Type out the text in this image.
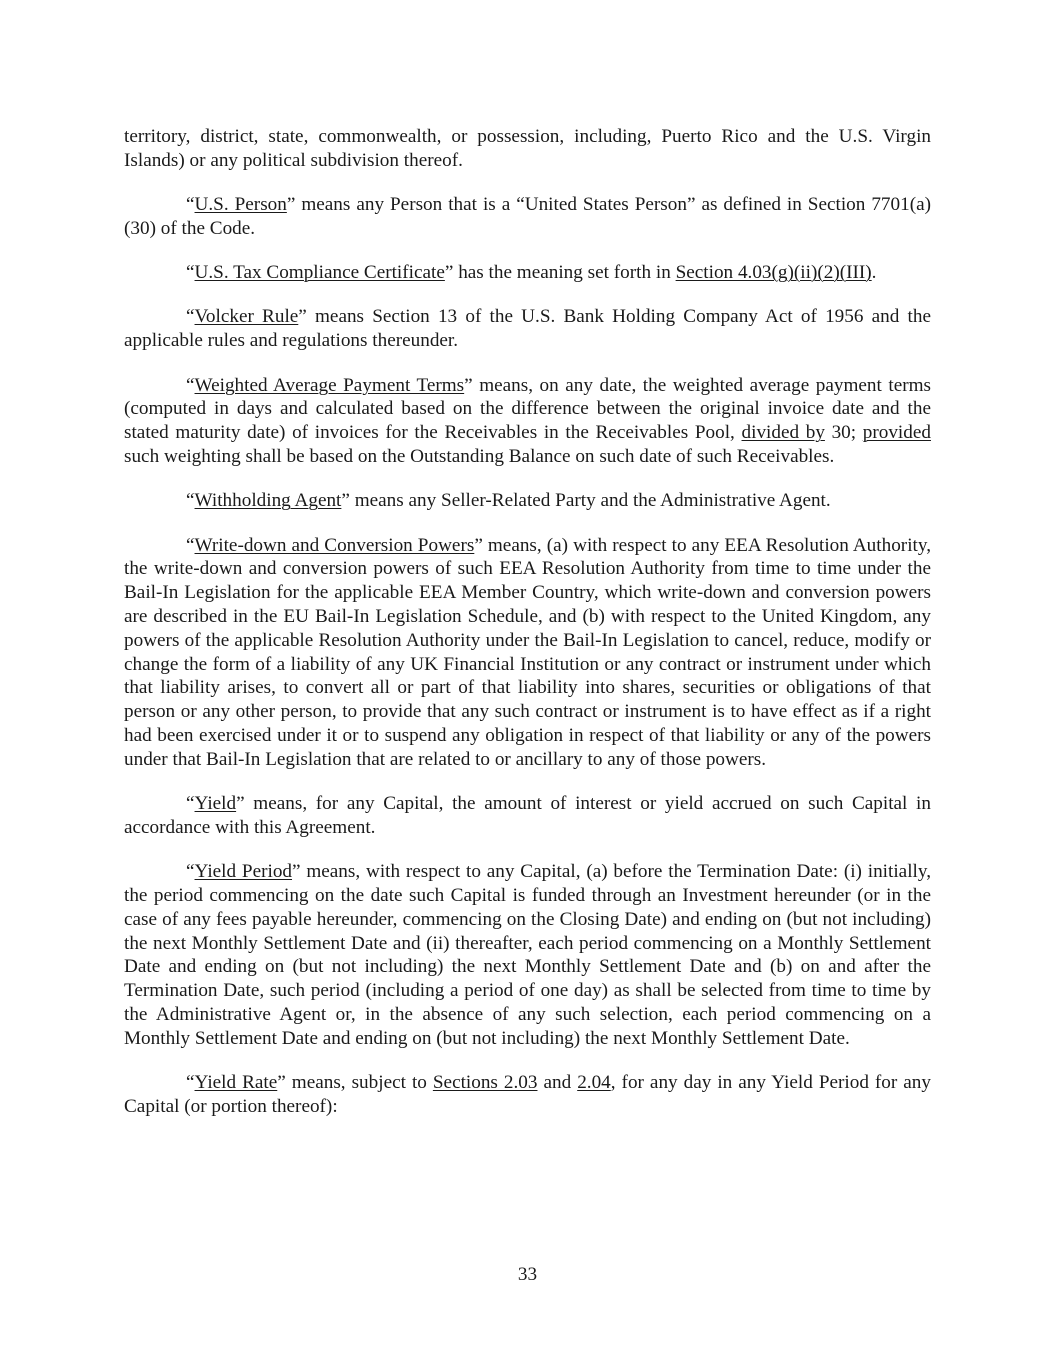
territory, district, state, commonwealth, or possession, including, Puerto Rico and the U.S. Virgin Islands) or any political subdivision thereof.

“U.S. Person” means any Person that is a “United States Person” as defined in Section 7701(a)(30) of the Code.

“U.S. Tax Compliance Certificate” has the meaning set forth in Section 4.03(g)(ii)(2)(III).

“Volcker Rule” means Section 13 of the U.S. Bank Holding Company Act of 1956 and the applicable rules and regulations thereunder.

“Weighted Average Payment Terms” means, on any date, the weighted average payment terms (computed in days and calculated based on the difference between the original invoice date and the stated maturity date) of invoices for the Receivables in the Receivables Pool, divided by 30; provided such weighting shall be based on the Outstanding Balance on such date of such Receivables.

“Withholding Agent” means any Seller-Related Party and the Administrative Agent.

“Write-down and Conversion Powers” means, (a) with respect to any EEA Resolution Authority, the write-down and conversion powers of such EEA Resolution Authority from time to time under the Bail-In Legislation for the applicable EEA Member Country, which write-down and conversion powers are described in the EU Bail-In Legislation Schedule, and (b) with respect to the United Kingdom, any powers of the applicable Resolution Authority under the Bail-In Legislation to cancel, reduce, modify or change the form of a liability of any UK Financial Institution or any contract or instrument under which that liability arises, to convert all or part of that liability into shares, securities or obligations of that person or any other person, to provide that any such contract or instrument is to have effect as if a right had been exercised under it or to suspend any obligation in respect of that liability or any of the powers under that Bail-In Legislation that are related to or ancillary to any of those powers.

“Yield” means, for any Capital, the amount of interest or yield accrued on such Capital in accordance with this Agreement.

“Yield Period” means, with respect to any Capital, (a) before the Termination Date: (i) initially, the period commencing on the date such Capital is funded through an Investment hereunder (or in the case of any fees payable hereunder, commencing on the Closing Date) and ending on (but not including) the next Monthly Settlement Date and (ii) thereafter, each period commencing on a Monthly Settlement Date and ending on (but not including) the next Monthly Settlement Date and (b) on and after the Termination Date, such period (including a period of one day) as shall be selected from time to time by the Administrative Agent or, in the absence of any such selection, each period commencing on a Monthly Settlement Date and ending on (but not including) the next Monthly Settlement Date.

“Yield Rate” means, subject to Sections 2.03 and 2.04, for any day in any Yield Period for any Capital (or portion thereof):

33
